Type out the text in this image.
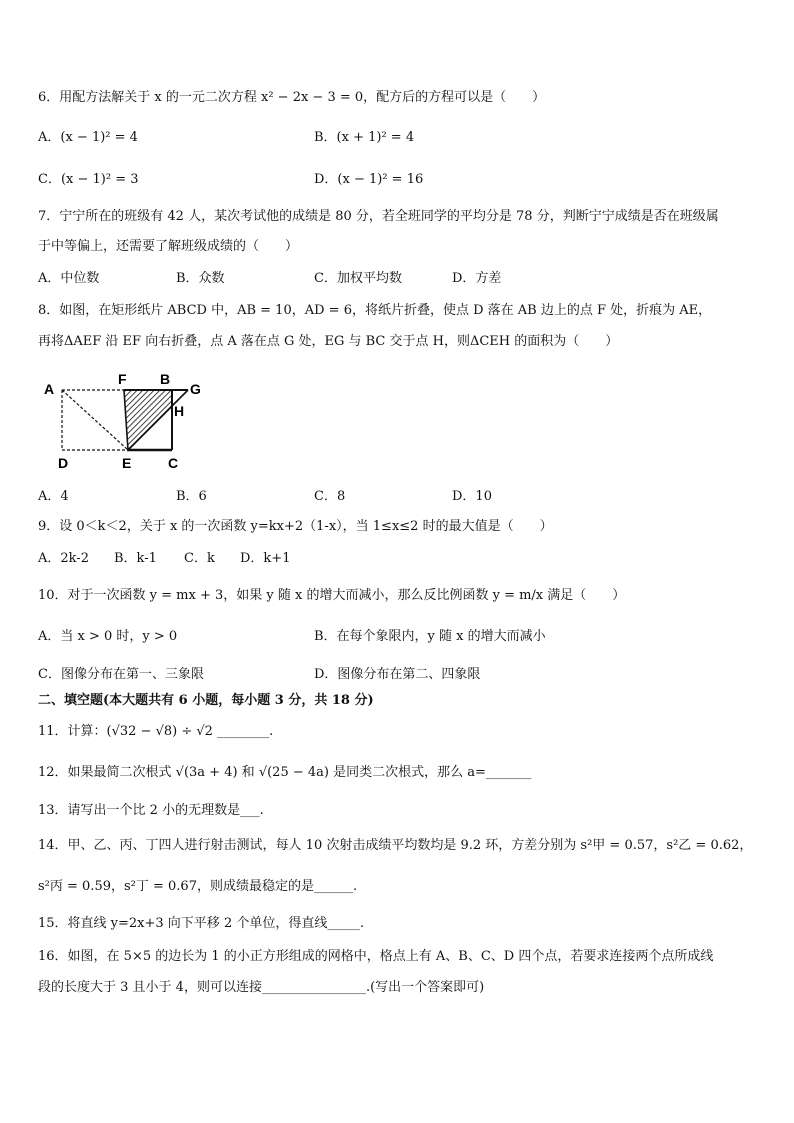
6．用配方法解关于 x 的一元二次方程 x² − 2x − 3 = 0，配方后的方程可以是（　　）
A．(x − 1)² = 4	B．(x + 1)² = 4
C．(x − 1)² = 3	D．(x − 1)² = 16
7．宁宁所在的班级有 42 人，某次考试他的成绩是 80 分，若全班同学的平均分是 78 分，判断宁宁成绩是否在班级属
于中等偏上，还需要了解班级成绩的（　　）
A．中位数	B．众数	C．加权平均数	D．方差
8．如图，在矩形纸片 ABCD 中，AB = 10，AD = 6，将纸片折叠，使点 D 落在 AB 边上的点 F 处，折痕为 AE，
再将ΔAEF 沿 EF 向右折叠，点 A 落在点 G 处，EG 与 BC 交于点 H，则ΔCEH 的面积为（　　）
A
F B
G
H
D	E	C
A．4	B．6	C．8	D．10
9．设 0＜k＜2，关于 x 的一次函数 y=kx+2（1-x），当 1≤x≤2 时的最大值是（　　）
A．2k-2 B．k-1 C．k D．k+1
10．对于一次函数 y = mx + 3，如果 y 随 x 的增大而减小，那么反比例函数 y = m/x 满足（　　）
A．当 x > 0 时，y > 0	B．在每个象限内，y 随 x 的增大而减小
C．图像分布在第一、三象限	D．图像分布在第二、四象限
二、填空题(本大题共有 6 小题，每小题 3 分，共 18 分)
11．计算：(√32 − √8) ÷ √2 ________.
12．如果最简二次根式 √(3a + 4) 和 √(25 − 4a) 是同类二次根式，那么 a=_______
13．请写出一个比 2 小的无理数是___.
14．甲、乙、丙、丁四人进行射击测试，每人 10 次射击成绩平均数均是 9.2 环，方差分别为 s²甲 = 0.57，s²乙 = 0.62，
s²丙 = 0.59，s²丁 = 0.67，则成绩最稳定的是______.
15．将直线 y=2x+3 向下平移 2 个单位，得直线_____.
16．如图，在 5×5 的边长为 1 的小正方形组成的网格中，格点上有 A、B、C、D 四个点，若要求连接两个点所成线
段的长度大于 3 且小于 4，则可以连接________________.(写出一个答案即可)
